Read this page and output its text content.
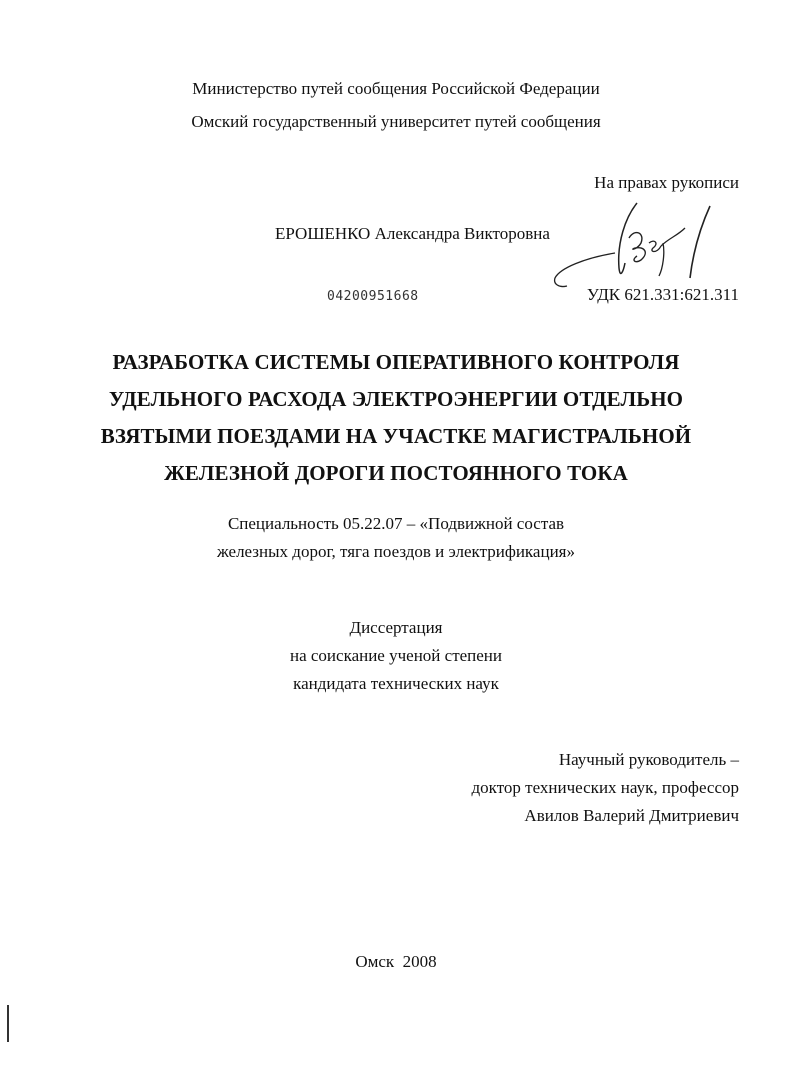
Министерство путей сообщения Российской Федерации
Омский государственный университет путей сообщения
На правах рукописи
ЕРОШЕНКО Александра Викторовна
04200951668	УДК 621.331:621.311
РАЗРАБОТКА СИСТЕМЫ ОПЕРАТИВНОГО КОНТРОЛЯ
УДЕЛЬНОГО РАСХОДА ЭЛЕКТРОЭНЕРГИИ ОТДЕЛЬНО
ВЗЯТЫМИ ПОЕЗДАМИ НА УЧАСТКЕ МАГИСТРАЛЬНОЙ
ЖЕЛЕЗНОЙ ДОРОГИ ПОСТОЯННОГО ТОКА
Специальность 05.22.07 – «Подвижной состав
железных дорог, тяга поездов и электрификация»
Диссертация
на соискание ученой степени
кандидата технических наук
Научный руководитель –
доктор технических наук, профессор
Авилов Валерий Дмитриевич
Омск  2008
